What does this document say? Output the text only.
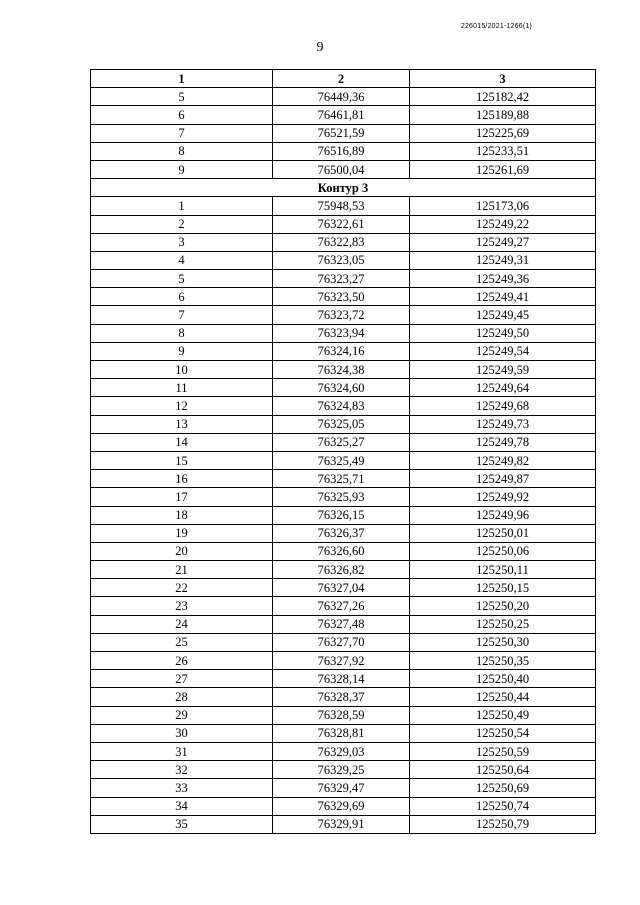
226015/2021-1266(1)
9
1	2	3
5	76449,36	125182,42
6	76461,81	125189,88
7	76521,59	125225,69
8	76516,89	125233,51
9	76500,04	125261,69
Контур 3		
1	75948,53	125173,06
2	76322,61	125249,22
3	76322,83	125249,27
4	76323,05	125249,31
5	76323,27	125249,36
6	76323,50	125249,41
7	76323,72	125249,45
8	76323,94	125249,50
9	76324,16	125249,54
10	76324,38	125249,59
11	76324,60	125249,64
12	76324,83	125249,68
13	76325,05	125249,73
14	76325,27	125249,78
15	76325,49	125249,82
16	76325,71	125249,87
17	76325,93	125249,92
18	76326,15	125249,96
19	76326,37	125250,01
20	76326,60	125250,06
21	76326,82	125250,11
22	76327,04	125250,15
23	76327,26	125250,20
24	76327,48	125250,25
25	76327,70	125250,30
26	76327,92	125250,35
27	76328,14	125250,40
28	76328,37	125250,44
29	76328,59	125250,49
30	76328,81	125250,54
31	76329,03	125250,59
32	76329,25	125250,64
33	76329,47	125250,69
34	76329,69	125250,74
35	76329,91	125250,79
